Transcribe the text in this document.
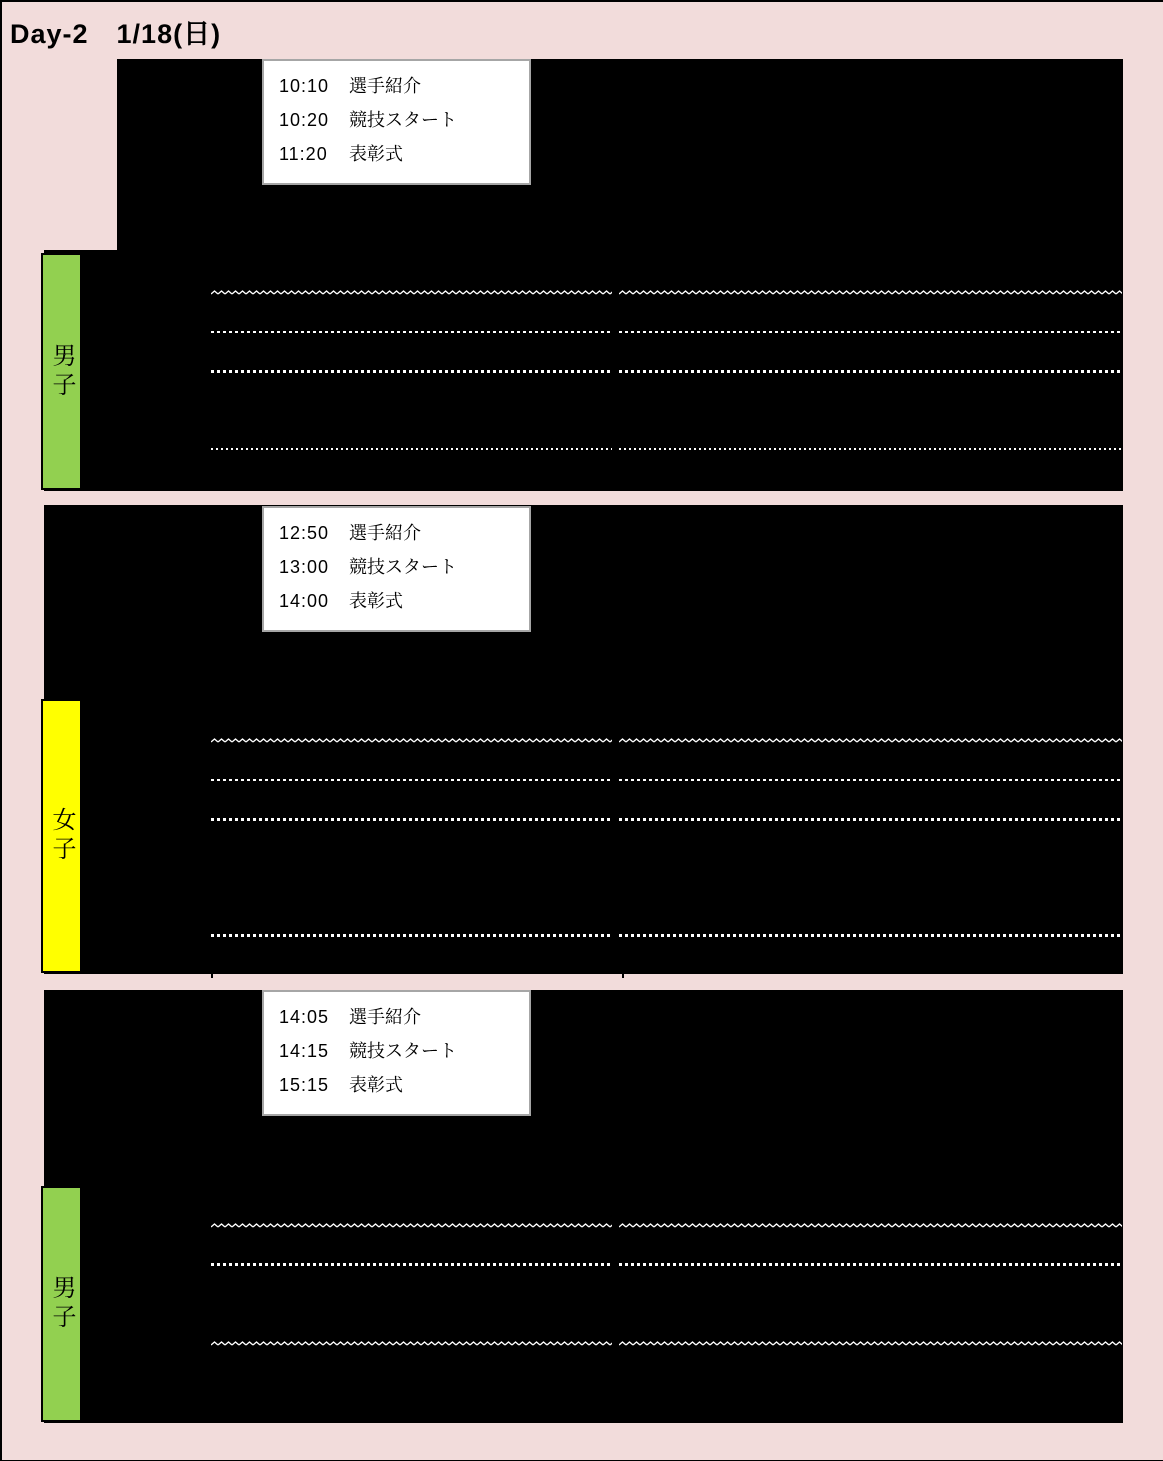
Day-2　1/18(日)
10:10 選手紹介
10:20 競技スタート
11:20 表彰式
男子
12:50 選手紹介
13:00 競技スタート
14:00 表彰式
女子
14:05 選手紹介
14:15 競技スタート
15:15 表彰式
男子
